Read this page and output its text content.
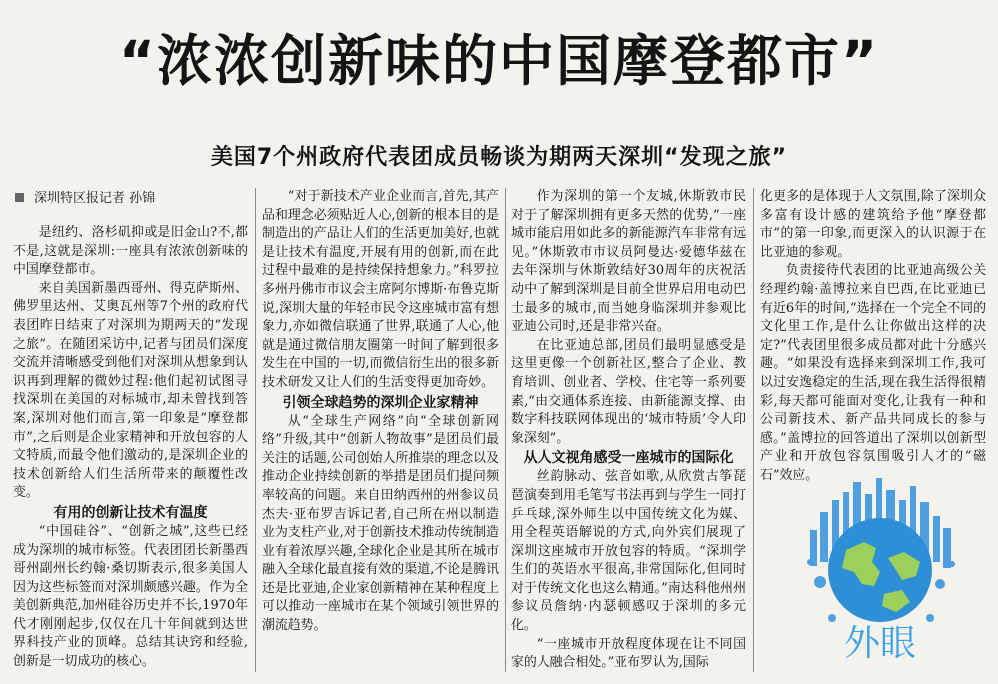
“浓浓创新味的中国摩登都市”
美国7个州政府代表团成员畅谈为期两天深圳“发现之旅”
深圳特区报记者 孙锦

是纽约、洛杉矶抑或是旧金山?不,都不是,这就是深圳:一座具有浓浓创新味的中国摩登都市。

来自美国新墨西哥州、得克萨斯州、佛罗里达州、艾奥瓦州等7个州的政府代表团昨日结束了对深圳为期两天的“发现之旅”。在随团采访中,记者与团员们深度交流并清晰感受到他们对深圳从想象到认识再到理解的微妙过程:他们起初试图寻找深圳在美国的对标城市,却未曾找到答案,深圳对他们而言,第一印象是“摩登都市”,之后则是企业家精神和开放包容的人文特质,而最令他们激动的,是深圳企业的技术创新给人们生活所带来的颠覆性改变。

有用的创新让技术有温度

“中国硅谷”、“创新之城”,这些已经成为深圳的城市标签。代表团团长新墨西哥州副州长约翰·桑切斯表示,很多美国人因为这些标签而对深圳颇感兴趣。作为全美创新典范,加州硅谷历史并不长,1970年代才刚刚起步,仅仅在几十年间就到达世界科技产业的顶峰。总结其诀窍和经验,创新是一切成功的核心。

“对于新技术产业企业而言,首先,其产品和理念必须贴近人心,创新的根本目的是制造出的产品让人们的生活更加美好,也就是让技术有温度,开展有用的创新,而在此过程中最难的是持续保持想象力。”科罗拉多州丹佛市市议会主席阿尔博斯·布鲁克斯说,深圳大量的年轻市民令这座城市富有想象力,亦如微信联通了世界,联通了人心,他就是通过微信朋友圈第一时间了解到很多发生在中国的一切,而微信衍生出的很多新技术研发又让人们的生活变得更加奇妙。

引领全球趋势的深圳企业家精神

从“全球生产网络”向“全球创新网络”升级,其中“创新人物故事”是团员们最关注的话题,公司创始人所推崇的理念以及推动企业持续创新的举措是团员们提问频率较高的问题。来自田纳西州的州参议员杰夫·亚布罗吉诉记者,自己所在州以制造业为支柱产业,对于创新技术推动传统制造业有着浓厚兴趣,全球化企业是其所在城市融入全球化最直接有效的渠道,不论是腾讯还是比亚迪,企业家创新精神在某种程度上可以推动一座城市在某个领域引领世界的潮流趋势。

作为深圳的第一个友城,休斯敦市民对于了解深圳拥有更多天然的优势,“一座城市能启用如此多的新能源汽车非常有远见。”休斯敦市市议员阿曼达·爱德华兹在去年深圳与休斯敦结好30周年的庆祝活动中了解到深圳是目前全世界启用电动巴士最多的城市,而当她身临深圳并参观比亚迪公司时,还是非常兴奋。

在比亚迪总部,团员们最明显感受是这里更像一个创新社区,整合了企业、教育培训、创业者、学校、住宅等一系列要素,“由交通体系连接、由新能源支撑、由数字科技联网体现出的‘城市特质’令人印象深刻”。

从人文视角感受一座城市的国际化

丝韵脉动、弦音如歌,从欣赏古筝琵琶演奏到用毛笔写书法再到与学生一同打乒乓球,深外师生以中国传统文化为媒、用全程英语解说的方式,向外宾们展现了深圳这座城市开放包容的特质。“深圳学生们的英语水平很高,非常国际化,但同时对于传统文化也这么精通。”南达科他州州参议员詹纳·内瑟顿感叹于深圳的多元化。

“一座城市开放程度体现在让不同国家的人融合相处。”亚布罗认为,国际

化更多的是体现于人文氛围,除了深圳众多富有设计感的建筑给予他“摩登都市”的第一印象,而更深入的认识源于在比亚迪的参观。

负责接待代表团的比亚迪高级公关经理约翰·盖博拉来自巴西,在比亚迪已有近6年的时间,“选择在一个完全不同的文化里工作,是什么让你做出这样的决定?”代表团里很多成员都对此十分感兴趣。“如果没有选择来到深圳工作,我可以过安逸稳定的生活,现在我生活得很精彩,每天都可能面对变化,让我有一种和公司新技术、新产品共同成长的参与感。”盖博拉的回答道出了深圳以创新型产业和开放包容氛围吸引人才的“磁石”效应。

外眼
